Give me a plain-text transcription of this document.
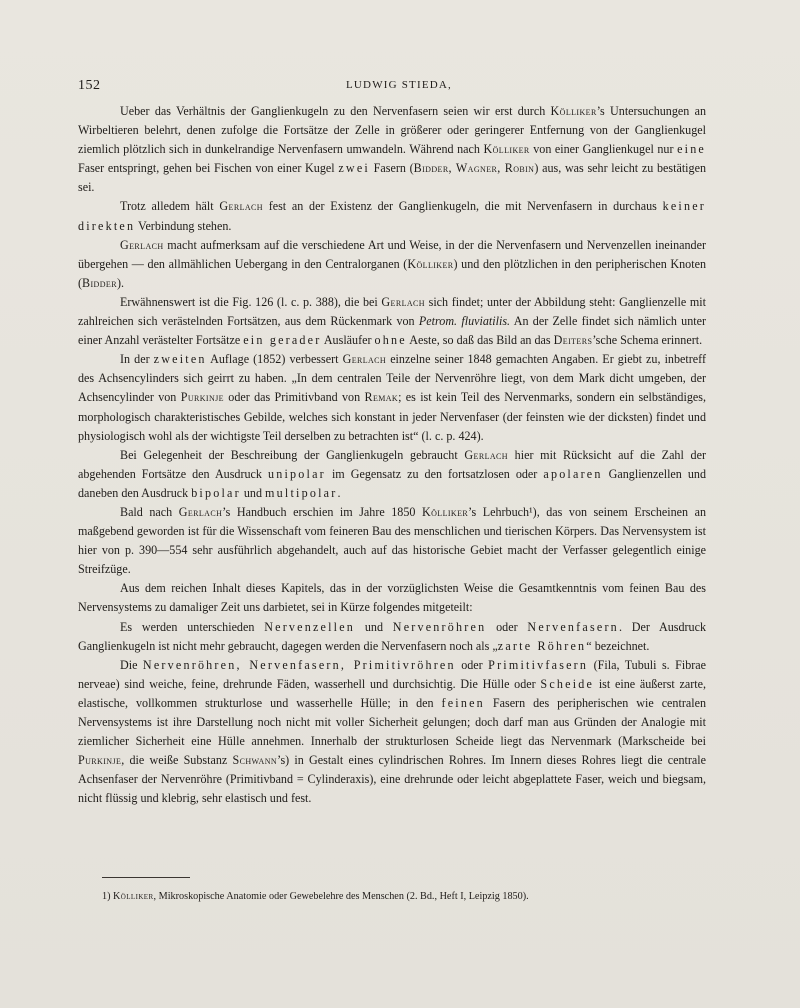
152	LUDWIG STIEDA,

Ueber das Verhältnis der Ganglienkugeln zu den Nervenfasern seien wir erst durch Kölliker’s Untersuchungen an Wirbeltieren belehrt, denen zufolge die Fortsätze der Zelle in größerer oder geringerer Entfernung von der Ganglienkugel ziemlich plötzlich sich in dunkelrandige Nervenfasern umwandeln. Während nach Kölliker von einer Ganglienkugel nur eine Faser entspringt, gehen bei Fischen von einer Kugel zwei Fasern (Bidder, Wagner, Robin) aus, was sehr leicht zu bestätigen sei.

Trotz alledem hält Gerlach fest an der Existenz der Ganglienkugeln, die mit Nervenfasern in durchaus keiner direkten Verbindung stehen.

Gerlach macht aufmerksam auf die verschiedene Art und Weise, in der die Nervenfasern und Nervenzellen ineinander übergehen — den allmählichen Uebergang in den Centralorganen (Kölliker) und den plötzlichen in den peripherischen Knoten (Bidder).

Erwähnenswert ist die Fig. 126 (l. c. p. 388), die bei Gerlach sich findet; unter der Abbildung steht: Ganglienzelle mit zahlreichen sich verästelnden Fortsätzen, aus dem Rückenmark von Petrom. fluviatilis. An der Zelle findet sich nämlich unter einer Anzahl verästelter Fortsätze ein gerader Ausläufer ohne Aeste, so daß das Bild an das Deiters’sche Schema erinnert.

In der zweiten Auflage (1852) verbessert Gerlach einzelne seiner 1848 gemachten Angaben. Er giebt zu, inbetreff des Achsencylinders sich geirrt zu haben. „In dem centralen Teile der Nervenröhre liegt, von dem Mark dicht umgeben, der Achsencylinder von Purkinje oder das Primitivband von Remak; es ist kein Teil des Nervenmarks, sondern ein selbständiges, morphologisch charakteristisches Gebilde, welches sich konstant in jeder Nervenfaser (der feinsten wie der dicksten) findet und physiologisch wohl als der wichtigste Teil derselben zu betrachten ist“ (l. c. p. 424).

Bei Gelegenheit der Beschreibung der Ganglienkugeln gebraucht Gerlach hier mit Rücksicht auf die Zahl der abgehenden Fortsätze den Ausdruck unipolar im Gegensatz zu den fortsatzlosen oder apolaren Ganglienzellen und daneben den Ausdruck bipolar und multipolar.

Bald nach Gerlach’s Handbuch erschien im Jahre 1850 Kölliker’s Lehrbuch¹), das von seinem Erscheinen an maßgebend geworden ist für die Wissenschaft vom feineren Bau des menschlichen und tierischen Körpers. Das Nervensystem ist hier von p. 390—554 sehr ausführlich abgehandelt, auch auf das historische Gebiet macht der Verfasser gelegentlich einige Streifzüge.

Aus dem reichen Inhalt dieses Kapitels, das in der vorzüglichsten Weise die Gesamtkenntnis vom feinen Bau des Nervensystems zu damaliger Zeit uns darbietet, sei in Kürze folgendes mitgeteilt:

Es werden unterschieden Nervenzellen und Nervenröhren oder Nervenfasern. Der Ausdruck Ganglienkugeln ist nicht mehr gebraucht, dagegen werden die Nervenfasern noch als „zarte Röhren“ bezeichnet.

Die Nervenröhren, Nervenfasern, Primitivröhren oder Primitivfasern (Fila, Tubuli s. Fibrae nerveae) sind weiche, feine, drehrunde Fäden, wasserhell und durchsichtig. Die Hülle oder Scheide ist eine äußerst zarte, elastische, vollkommen strukturlose und wasserhelle Hülle; in den feinen Fasern des peripherischen wie centralen Nervensystems ist ihre Darstellung noch nicht mit voller Sicherheit gelungen; doch darf man aus Gründen der Analogie mit ziemlicher Sicherheit eine Hülle annehmen. Innerhalb der strukturlosen Scheide liegt das Nervenmark (Markscheide bei Purkinje, die weiße Substanz Schwann’s) in Gestalt eines cylindrischen Rohres. Im Innern dieses Rohres liegt die centrale Achsenfaser der Nervenröhre (Primitivband = Cylinderaxis), eine drehrunde oder leicht abgeplattete Faser, weich und biegsam, nicht flüssig und klebrig, sehr elastisch und fest.

1) Kölliker, Mikroskopische Anatomie oder Gewebelehre des Menschen (2. Bd., Heft I, Leipzig 1850).
